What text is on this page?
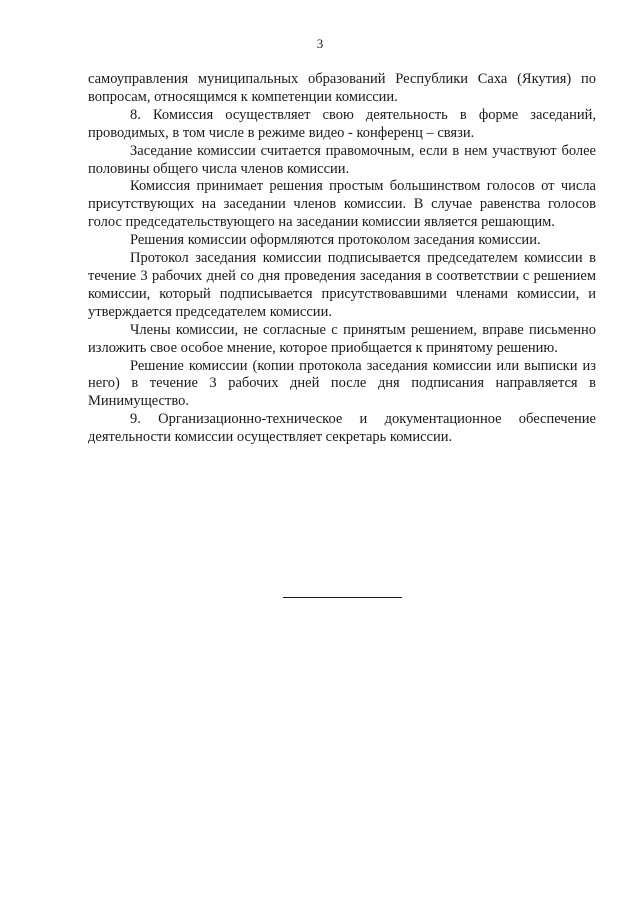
3

самоуправления муниципальных образований Республики Саха (Якутия) по вопросам, относящимся к компетенции комиссии.

8. Комиссия осуществляет свою деятельность в форме заседаний, проводимых, в том числе в режиме видео - конференц – связи.

Заседание комиссии считается правомочным, если в нем участвуют более половины общего числа членов комиссии.

Комиссия принимает решения простым большинством голосов от числа присутствующих на заседании членов комиссии. В случае равенства голосов голос председательствующего на заседании комиссии является решающим.

Решения комиссии оформляются протоколом заседания комиссии.

Протокол заседания комиссии подписывается председателем комиссии в течение 3 рабочих дней со дня проведения заседания в соответствии с решением комиссии, который подписывается присутствовавшими членами комиссии, и утверждается председателем комиссии.

Члены комиссии, не согласные с принятым решением, вправе письменно изложить свое особое мнение, которое приобщается к принятому решению.

Решение комиссии (копии протокола заседания комиссии или выписки из него) в течение 3 рабочих дней после дня подписания направляется в Минимущество.

9. Организационно-техническое и документационное обеспечение деятельности комиссии осуществляет секретарь комиссии.
